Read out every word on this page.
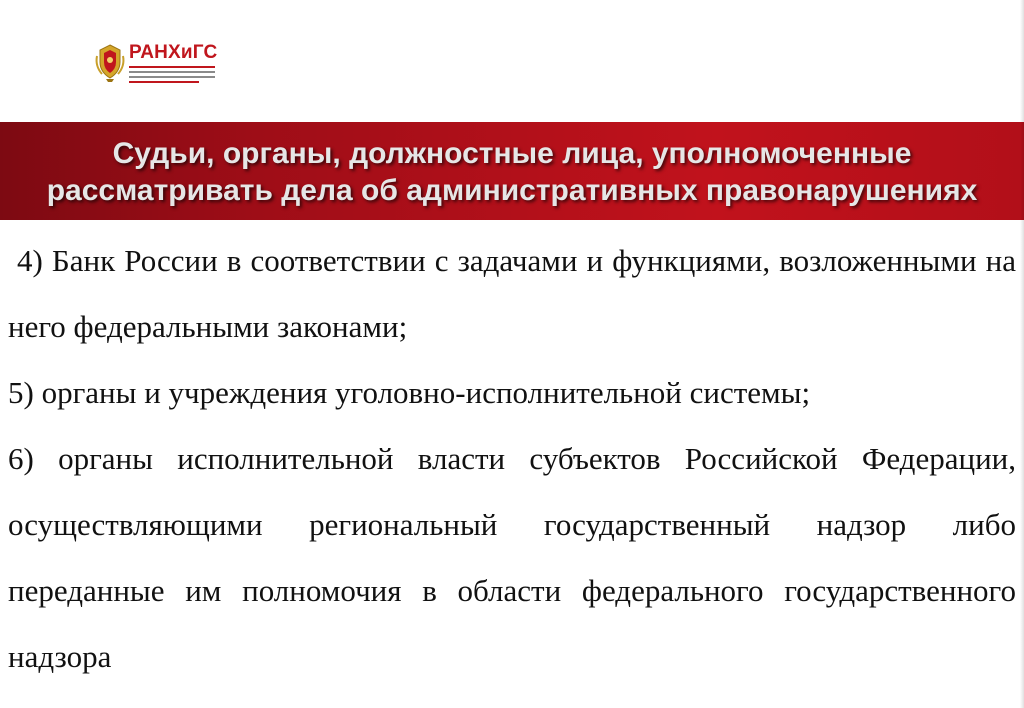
РАНХиГС
Судьи, органы, должностные лица, уполномоченные рассматривать дела об административных правонарушениях

4) Банк России в соответствии с задачами и функциями, возложенными на него федеральными законами;

5) органы и учреждения уголовно-исполнительной системы;

6) органы исполнительной власти субъектов Российской Федерации, осуществляющими региональный государственный надзор либо переданные им полномочия в области федерального государственного надзора
